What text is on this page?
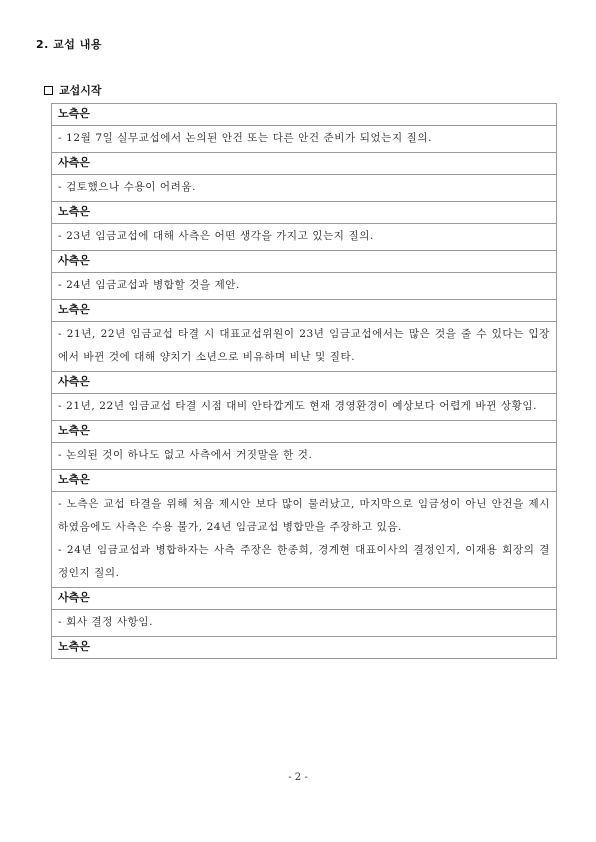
2. 교섭 내용
교섭시작
노측은

- 12월 7일 실무교섭에서 논의된 안건 또는 다른 안건 준비가 되었는지 질의.

사측은

- 검토했으나 수용이 어려움.

노측은

- 23년 임금교섭에 대해 사측은 어떤 생각을 가지고 있는지 질의.

사측은

- 24년 임금교섭과 병합할 것을 제안.

노측은

- 21년, 22년 임금교섭 타결 시 대표교섭위원이 23년 임금교섭에서는 많은 것을 줄 수 있다는 입장에서 바뀐 것에 대해 양치기 소년으로 비유하며 비난 및 질타.

사측은

- 21년, 22년 임금교섭 타결 시점 대비 안타깝게도 현재 경영환경이 예상보다 어렵게 바뀐 상황임.

노측은

- 논의된 것이 하나도 없고 사측에서 거짓말을 한 것.

노측은

- 노측은 교섭 타결을 위해 처음 제시안 보다 많이 물러났고, 마지막으로 임금성이 아닌 안건을 제시하였음에도 사측은 수용 불가, 24년 임금교섭 병합만을 주장하고 있음.

- 24년 임금교섭과 병합하자는 사측 주장은 한종희, 경계현 대표이사의 결정인지, 이재용 회장의 결정인지 질의.

사측은

- 회사 결정 사항임.

노측은
- 2 -
